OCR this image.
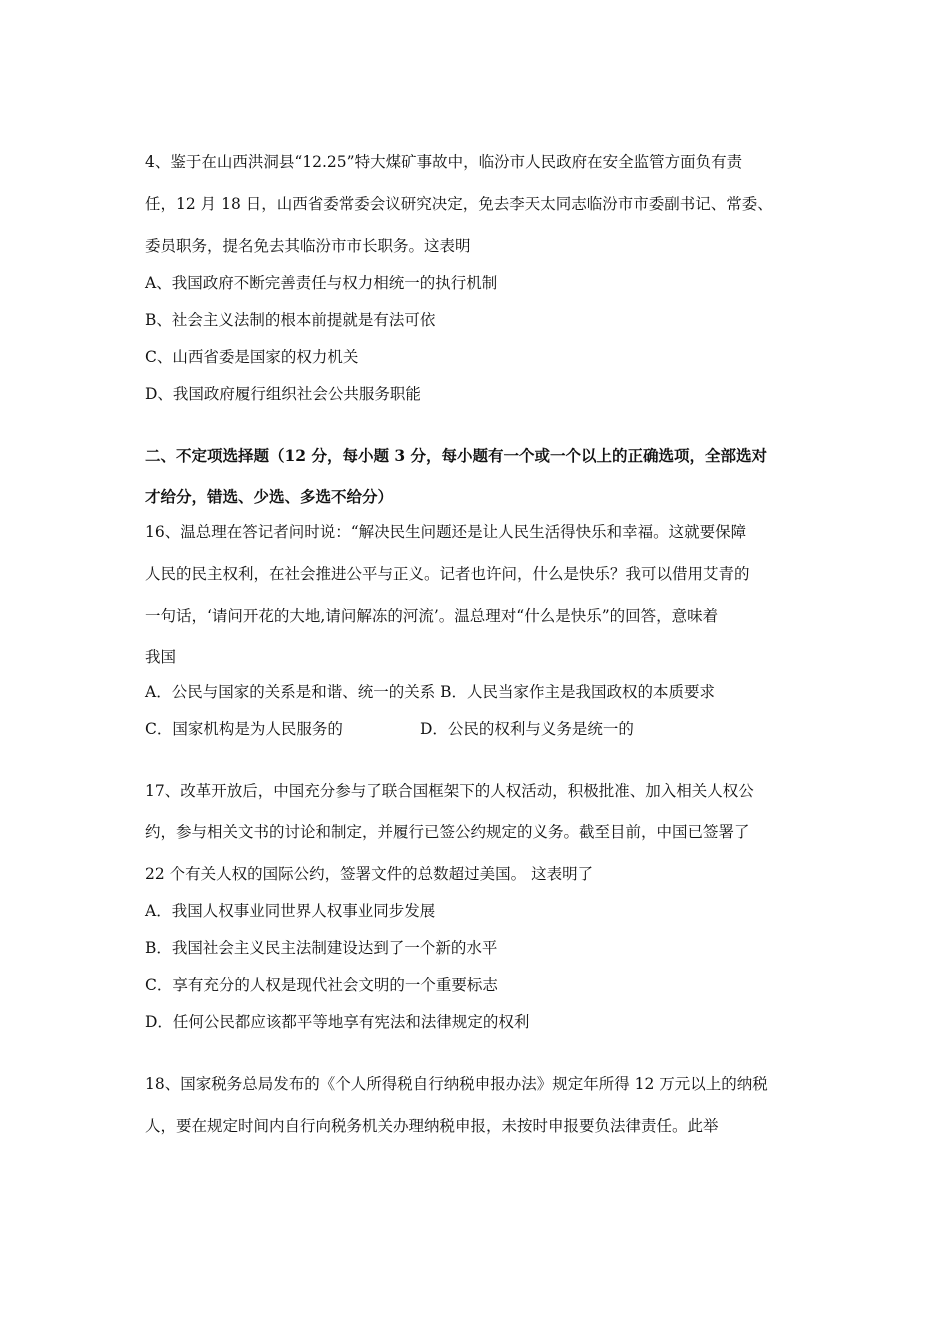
4、鉴于在山西洪洞县“12.25”特大煤矿事故中，临汾市人民政府在安全监管方面负有责
任，12 月 18 日，山西省委常委会议研究决定，免去李天太同志临汾市市委副书记、常委、
委员职务，提名免去其临汾市市长职务。这表明
A、我国政府不断完善责任与权力相统一的执行机制
B、社会主义法制的根本前提就是有法可依
C、山西省委是国家的权力机关
D、我国政府履行组织社会公共服务职能
二、不定项选择题（12 分，每小题 3 分，每小题有一个或一个以上的正确选项，全部选对
才给分，错选、少选、多选不给分）
16、温总理在答记者问时说：“解决民生问题还是让人民生活得快乐和幸福。这就要保障
人民的民主权利，在社会推进公平与正义。记者也许问，什么是快乐？我可以借用艾青的
一句话，‘请问开花的大地,请问解冻的河流’。温总理对“什么是快乐”的回答，意味着
我国
A．公民与国家的关系是和谐、统一的关系 B．人民当家作主是我国政权的本质要求
C．国家机构是为人民服务的	D．公民的权利与义务是统一的
17、改革开放后，中国充分参与了联合国框架下的人权活动，积极批准、加入相关人权公
约，参与相关文书的讨论和制定，并履行已签公约规定的义务。截至目前，中国已签署了
22 个有关人权的国际公约，签署文件的总数超过美国。 这表明了
A．我国人权事业同世界人权事业同步发展
B．我国社会主义民主法制建设达到了一个新的水平
C．享有充分的人权是现代社会文明的一个重要标志
D．任何公民都应该都平等地享有宪法和法律规定的权利
18、国家税务总局发布的《个人所得税自行纳税申报办法》规定年所得 12 万元以上的纳税
人，要在规定时间内自行向税务机关办理纳税申报，未按时申报要负法律责任。此举
